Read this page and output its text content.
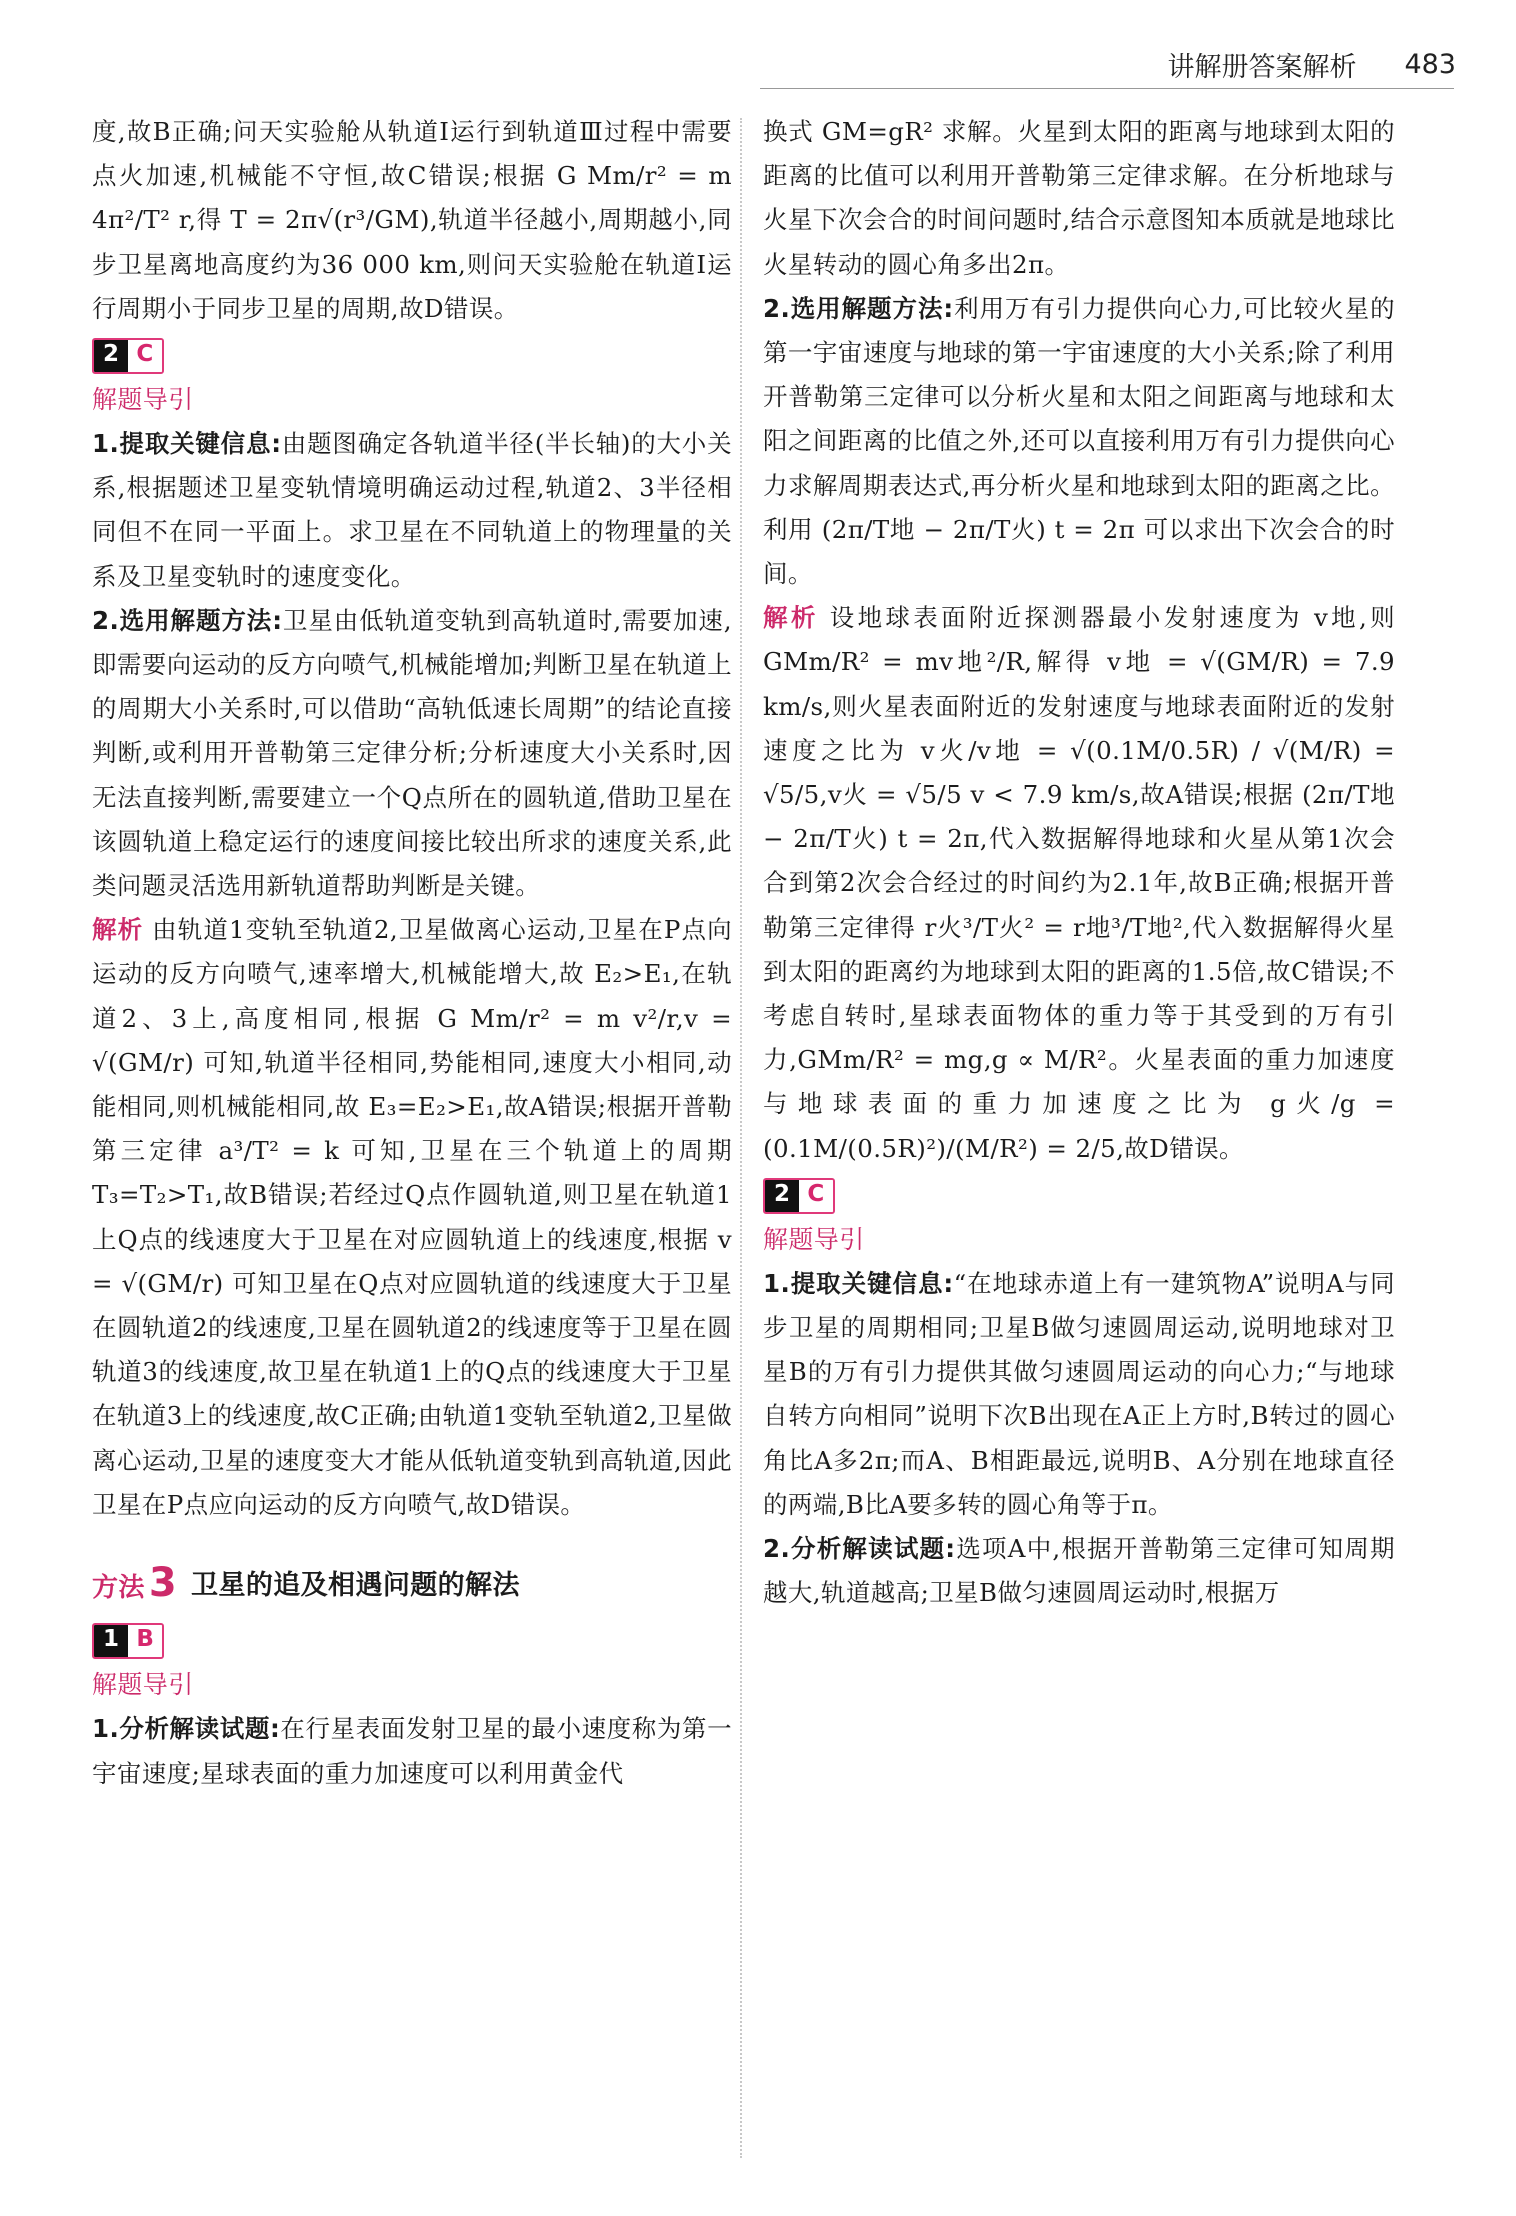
讲解册答案解析 483

度,故B正确;问天实验舱从轨道Ⅰ运行到轨道Ⅲ过程中需要点火加速,机械能不守恒,故C错误;根据 G Mm/r² = m 4π²/T² r,得 T = 2π√(r³/GM),轨道半径越小,周期越小,同步卫星离地高度约为36 000 km,则问天实验舱在轨道Ⅰ运行周期小于同步卫星的周期,故D错误。

2 C
解题导引

1.提取关键信息:由题图确定各轨道半径(半长轴)的大小关系,根据题述卫星变轨情境明确运动过程,轨道2、3半径相同但不在同一平面上。求卫星在不同轨道上的物理量的关系及卫星变轨时的速度变化。

2.选用解题方法:卫星由低轨道变轨到高轨道时,需要加速,即需要向运动的反方向喷气,机械能增加;判断卫星在轨道上的周期大小关系时,可以借助“高轨低速长周期”的结论直接判断,或利用开普勒第三定律分析;分析速度大小关系时,因无法直接判断,需要建立一个Q点所在的圆轨道,借助卫星在该圆轨道上稳定运行的速度间接比较出所求的速度关系,此类问题灵活选用新轨道帮助判断是关键。

解析 由轨道1变轨至轨道2,卫星做离心运动,卫星在P点向运动的反方向喷气,速率增大,机械能增大,故 E₂>E₁,在轨道2、3上,高度相同,根据 G Mm/r² = m v²/r,v = √(GM/r) 可知,轨道半径相同,势能相同,速度大小相同,动能相同,则机械能相同,故 E₃=E₂>E₁,故A错误;根据开普勒第三定律 a³/T² = k 可知,卫星在三个轨道上的周期 T₃=T₂>T₁,故B错误;若经过Q点作圆轨道,则卫星在轨道1上Q点的线速度大于卫星在对应圆轨道上的线速度,根据 v = √(GM/r) 可知卫星在Q点对应圆轨道的线速度大于卫星在圆轨道2的线速度,卫星在圆轨道2的线速度等于卫星在圆轨道3的线速度,故卫星在轨道1上的Q点的线速度大于卫星在轨道3上的线速度,故C正确;由轨道1变轨至轨道2,卫星做离心运动,卫星的速度变大才能从低轨道变轨到高轨道,因此卫星在P点应向运动的反方向喷气,故D错误。

方法 3 卫星的追及相遇问题的解法
1 B
解题导引

1.分析解读试题:在行星表面发射卫星的最小速度称为第一宇宙速度;星球表面的重力加速度可以利用黄金代

换式 GM=gR² 求解。火星到太阳的距离与地球到太阳的距离的比值可以利用开普勒第三定律求解。在分析地球与火星下次会合的时间问题时,结合示意图知本质就是地球比火星转动的圆心角多出2π。

2.选用解题方法:利用万有引力提供向心力,可比较火星的第一宇宙速度与地球的第一宇宙速度的大小关系;除了利用开普勒第三定律可以分析火星和太阳之间距离与地球和太阳之间距离的比值之外,还可以直接利用万有引力提供向心力求解周期表达式,再分析火星和地球到太阳的距离之比。利用 (2π/T地 − 2π/T火) t = 2π 可以求出下次会合的时间。

解析 设地球表面附近探测器最小发射速度为 v地,则 GMm/R² = mv地²/R,解得 v地 = √(GM/R) = 7.9 km/s,则火星表面附近的发射速度与地球表面附近的发射速度之比为 v火/v地 = √(0.1M/0.5R) / √(M/R) = √5/5,v火 = √5/5 v < 7.9 km/s,故A错误;根据 (2π/T地 − 2π/T火) t = 2π,代入数据解得地球和火星从第1次会合到第2次会合经过的时间约为2.1年,故B正确;根据开普勒第三定律得 r火³/T火² = r地³/T地²,代入数据解得火星到太阳的距离约为地球到太阳的距离的1.5倍,故C错误;不考虑自转时,星球表面物体的重力等于其受到的万有引力,GMm/R² = mg,g ∝ M/R²。火星表面的重力加速度与地球表面的重力加速度之比为 g火/g = (0.1M/(0.5R)²)/(M/R²) = 2/5,故D错误。

2 C
解题导引

1.提取关键信息:“在地球赤道上有一建筑物A”说明A与同步卫星的周期相同;卫星B做匀速圆周运动,说明地球对卫星B的万有引力提供其做匀速圆周运动的向心力;“与地球自转方向相同”说明下次B出现在A正上方时,B转过的圆心角比A多2π;而A、B相距最远,说明B、A分别在地球直径的两端,B比A要多转的圆心角等于π。

2.分析解读试题:选项A中,根据开普勒第三定律可知周期越大,轨道越高;卫星B做匀速圆周运动时,根据万
